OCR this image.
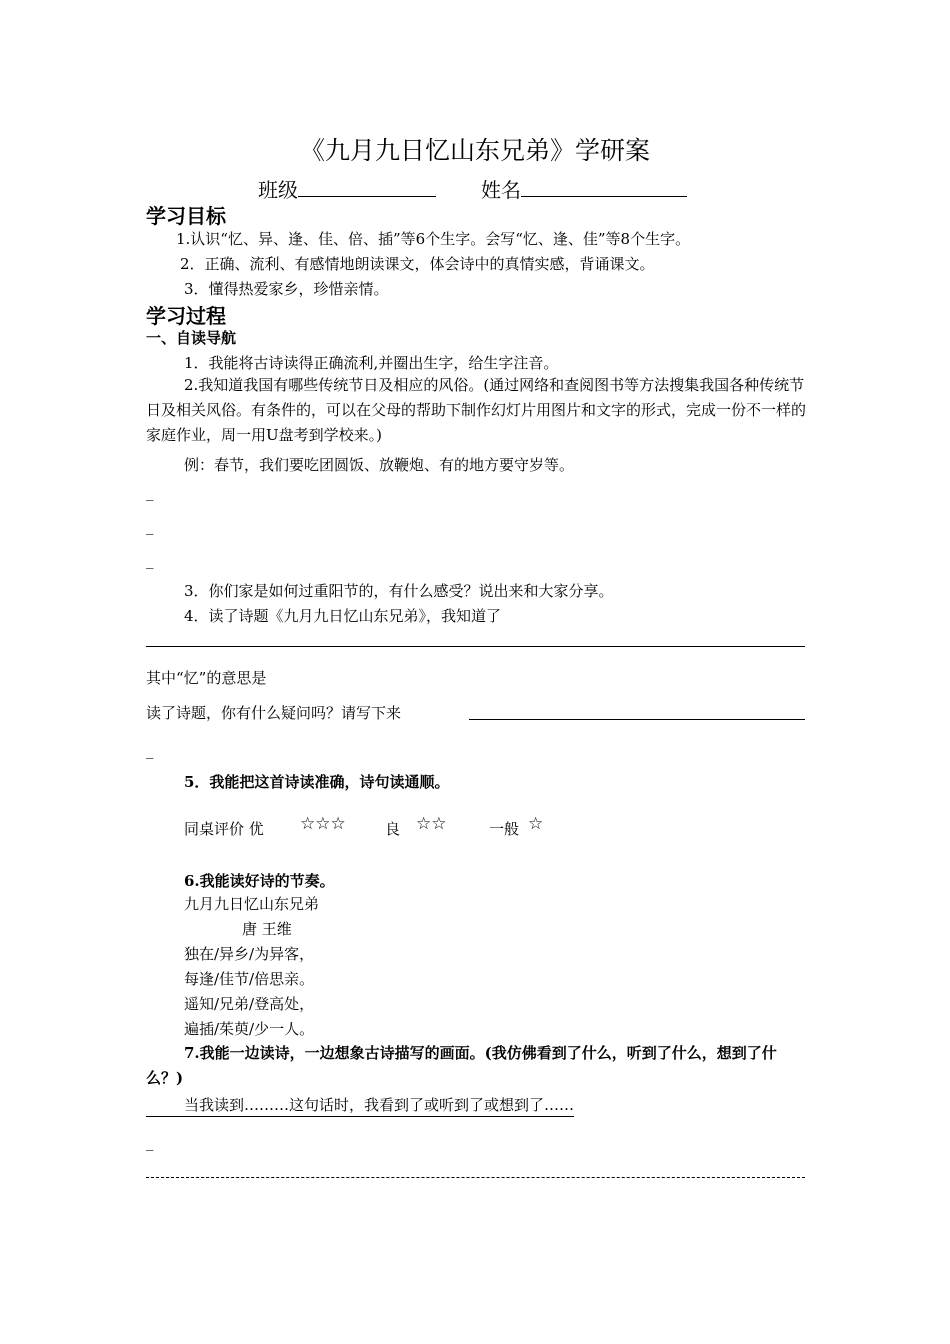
《九月九日忆山东兄弟》学研案
班级	姓名
学习目标
1.认识“忆、异、逢、佳、倍、插”等6个生字。会写“忆、逢、佳”等8个生字。
2．正确、流利、有感情地朗读课文，体会诗中的真情实感，背诵课文。
3．懂得热爱家乡，珍惜亲情。
学习过程
一、自读导航
1．我能将古诗读得正确流利,并圈出生字，给生字注音。
2.我知道我国有哪些传统节日及相应的风俗。(通过网络和查阅图书等方法搜集我国各种传统节日及相关风俗。有条件的，可以在父母的帮助下制作幻灯片用图片和文字的形式，完成一份不一样的家庭作业，周一用U盘考到学校来。)
例：春节，我们要吃团圆饭、放鞭炮、有的地方要守岁等。
_
_
_
3．你们家是如何过重阳节的，有什么感受？说出来和大家分享。
4．读了诗题《九月九日忆山东兄弟》，我知道了
其中“忆”的意思是
读了诗题，你有什么疑问吗？请写下来
_
5．我能把这首诗读准确，诗句读通顺。
同桌评价 优 ☆☆☆	良 ☆☆	一般 ☆
6.我能读好诗的节奏。
九月九日忆山东兄弟
唐 王维
独在/异乡/为异客，
每逢/佳节/倍思亲。
遥知/兄弟/登高处，
遍插/茱萸/少一人。
7.我能一边读诗，一边想象古诗描写的画面。(我仿佛看到了什么，听到了什么，想到了什么？)
当我读到………这句话时，我看到了或听到了或想到了……
_
